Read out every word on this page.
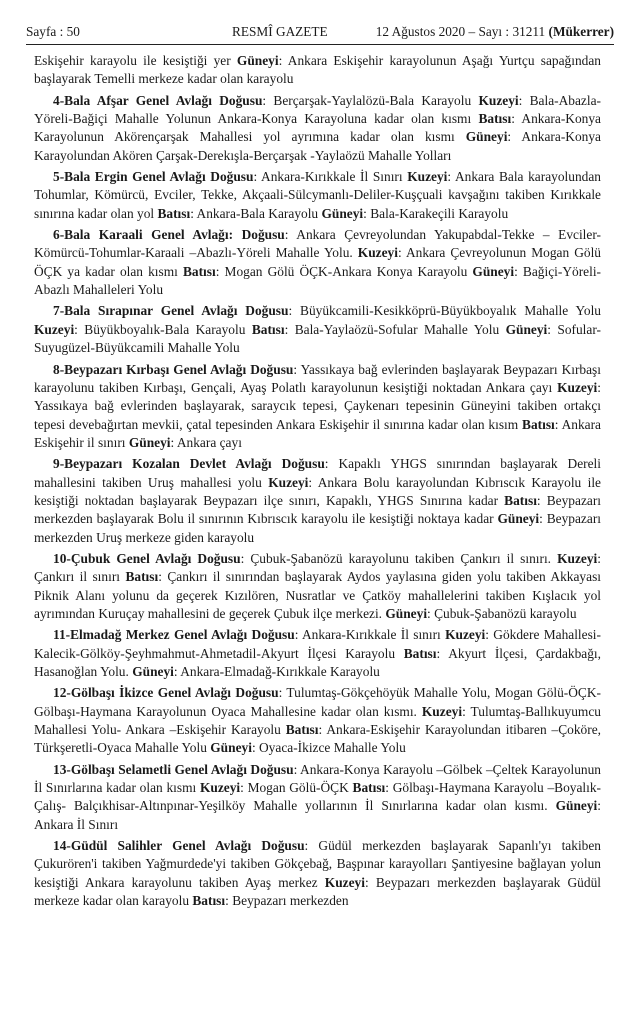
Sayfa : 50	RESMÎ GAZETE	12 Ağustos 2020 – Sayı : 31211 (Mükerrer)

Eskişehir karayolu ile kesiştiği yer Güneyi: Ankara Eskişehir karayolunun Aşağı Yurtçu sapağından başlayarak Temelli merkeze kadar olan karayolu

4-Bala Afşar Genel Avlağı Doğusu: Berçarşak-Yaylalözü-Bala Karayolu Kuzeyi: Bala-Abazla-Yöreli-Bağiçi Mahalle Yolunun Ankara-Konya Karayoluna kadar olan kısmı Batısı: Ankara-Konya Karayolunun Akörençarşak Mahallesi yol ayrımına kadar olan kısmı Güneyi: Ankara-Konya Karayolundan Akören Çarşak-Derekışla-Berçarşak -Yaylaözü Mahalle Yolları

5-Bala Ergin Genel Avlağı Doğusu: Ankara-Kırıkkale İl Sınırı Kuzeyi: Ankara Bala karayolundan Tohumlar, Kömürcü, Evciler, Tekke, Akçaali-Sülcymanlı-Deliler-Kuşçuali kavşağını takiben Kırıkkale sınırına kadar olan yol Batısı: Ankara-Bala Karayolu Güneyi: Bala-Karakeçili Karayolu

6-Bala Karaali Genel Avlağı: Doğusu: Ankara Çevreyolundan Yakupabdal-Tekke – Evciler-Kömürcü-Tohumlar-Karaali –Abazlı-Yöreli Mahalle Yolu. Kuzeyi: Ankara Çevreyolunun Mogan Gölü ÖÇK ya kadar olan kısmı Batısı: Mogan Gölü ÖÇK-Ankara Konya Karayolu Güneyi: Bağiçi-Yöreli-Abazlı Mahalleleri Yolu

7-Bala Sırapınar Genel Avlağı Doğusu: Büyükcamili-Kesikköprü-Büyükboyalık Mahalle Yolu Kuzeyi: Büyükboyalık-Bala Karayolu Batısı: Bala-Yaylaözü-Sofular Mahalle Yolu Güneyi: Sofular-Suyugüzel-Büyükcamili Mahalle Yolu

8-Beypazarı Kırbaşı Genel Avlağı Doğusu: Yassıkaya bağ evlerinden başlayarak Beypazarı Kırbaşı karayolunu takiben Kırbaşı, Gençali, Ayaş Polatlı karayolunun kesiştiği noktadan Ankara çayı Kuzeyi: Yassıkaya bağ evlerinden başlayarak, saraycık tepesi, Çaykenarı tepesinin Güneyini takiben ortakçı tepesi devebağırtan mevkii, çatal tepesinden Ankara Eskişehir il sınırına kadar olan kısım Batısı: Ankara Eskişehir il sınırı Güneyi: Ankara çayı

9-Beypazarı Kozalan Devlet Avlağı Doğusu: Kapaklı YHGS sınırından başlayarak Dereli mahallesini takiben Uruş mahallesi yolu Kuzeyi: Ankara Bolu karayolundan Kıbrıscık Karayolu ile kesiştiği noktadan başlayarak Beypazarı ilçe sınırı, Kapaklı, YHGS Sınırına kadar Batısı: Beypazarı merkezden başlayarak Bolu il sınırının Kıbrıscık karayolu ile kesiştiği noktaya kadar Güneyi: Beypazarı merkezden Uruş merkeze giden karayolu

10-Çubuk Genel Avlağı Doğusu: Çubuk-Şabanözü karayolunu takiben Çankırı il sınırı. Kuzeyi: Çankırı il sınırı Batısı: Çankırı il sınırından başlayarak Aydos yaylasına giden yolu takiben Akkayası Piknik Alanı yolunu da geçerek Kızılören, Nusratlar ve Çatköy mahallelerini takiben Kışlacık yol ayrımından Kuruçay mahallesini de geçerek Çubuk ilçe merkezi. Güneyi: Çubuk-Şabanözü karayolu

11-Elmadağ Merkez Genel Avlağı Doğusu: Ankara-Kırıkkale İl sınırı Kuzeyi: Gökdere Mahallesi-Kalecik-Gölköy-Şeyhmahmut-Ahmetadil-Akyurt İlçesi Karayolu Batısı: Akyurt İlçesi, Çardakbağı, Hasanoğlan Yolu. Güneyi: Ankara-Elmadağ-Kırıkkale Karayolu

12-Gölbaşı İkizce Genel Avlağı Doğusu: Tulumtaş-Gökçehöyük Mahalle Yolu, Mogan Gölü-ÖÇK-Gölbaşı-Haymana Karayolunun Oyaca Mahallesine kadar olan kısmı. Kuzeyi: Tulumtaş-Ballıkuyumcu Mahallesi Yolu- Ankara –Eskişehir Karayolu Batısı: Ankara-Eskişehir Karayolundan itibaren –Çoköre, Türkşeretli-Oyaca Mahalle Yolu Güneyi: Oyaca-İkizce Mahalle Yolu

13-Gölbaşı Selametli Genel Avlağı Doğusu: Ankara-Konya Karayolu –Gölbek –Çeltek Karayolunun İl Sınırlarına kadar olan kısmı Kuzeyi: Mogan Gölü-ÖÇK Batısı: Gölbaşı-Haymana Karayolu –Boyalık-Çalış- Balçıkhisar-Altınpınar-Yeşilköy Mahalle yollarının İl Sınırlarına kadar olan kısmı. Güneyi: Ankara İl Sınırı

14-Güdül Salihler Genel Avlağı Doğusu: Güdül merkezden başlayarak Sapanlı'yı takiben Çukurören'i takiben Yağmurdede'yi takiben Gökçebağ, Başpınar karayolları Şantiyesine bağlayan yolun kesiştiği Ankara karayolunu takiben Ayaş merkez Kuzeyi: Beypazarı merkezden başlayarak Güdül merkeze kadar olan karayolu Batısı: Beypazarı merkezden
